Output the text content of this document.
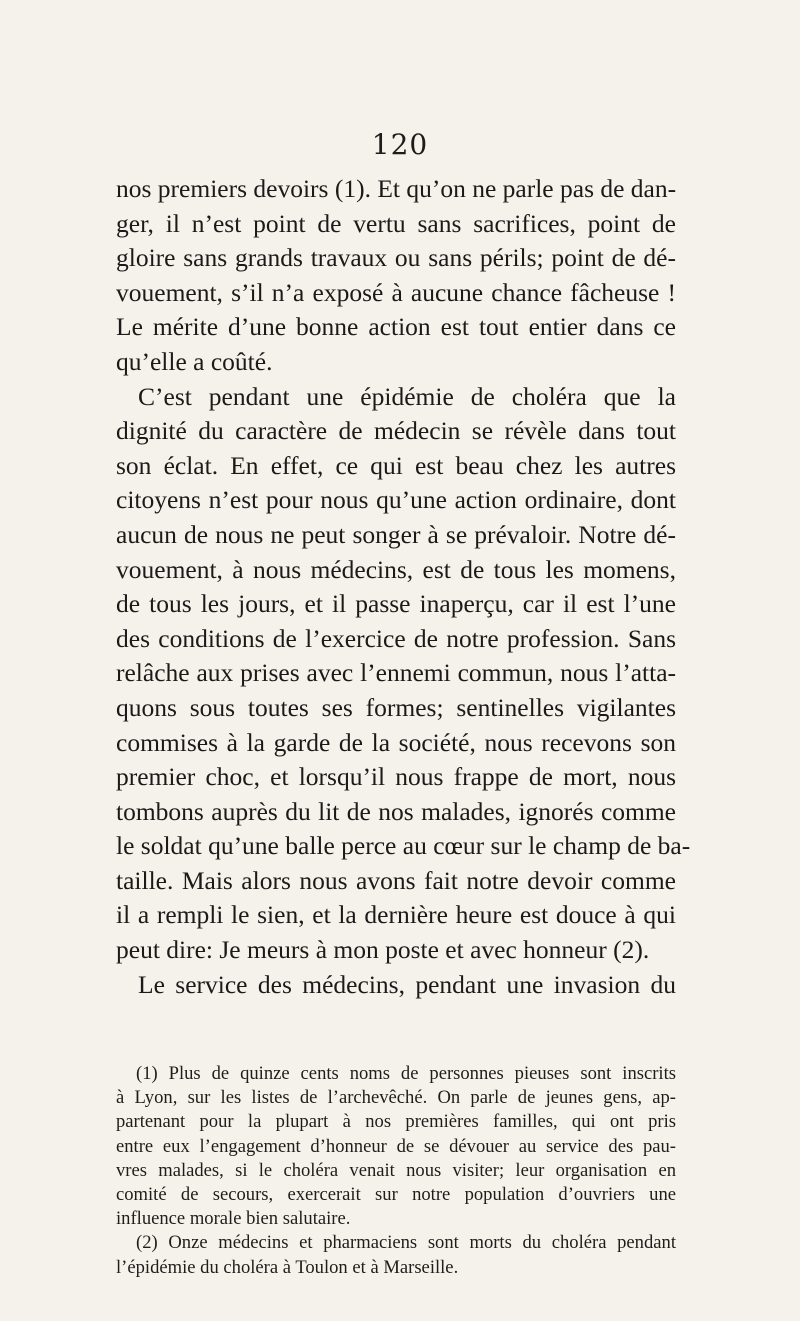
120
nos premiers devoirs (1). Et qu’on ne parle pas de dan-
ger, il n’est point de vertu sans sacrifices, point de
gloire sans grands travaux ou sans périls; point de dé-
vouement, s’il n’a exposé à aucune chance fâcheuse !
Le mérite d’une bonne action est tout entier dans ce
qu’elle a coûté.
C’est pendant une épidémie de choléra que la
dignité du caractère de médecin se révèle dans tout
son éclat. En effet, ce qui est beau chez les autres
citoyens n’est pour nous qu’une action ordinaire, dont
aucun de nous ne peut songer à se prévaloir. Notre dé-
vouement, à nous médecins, est de tous les momens,
de tous les jours, et il passe inaperçu, car il est l’une
des conditions de l’exercice de notre profession. Sans
relâche aux prises avec l’ennemi commun, nous l’atta-
quons sous toutes ses formes; sentinelles vigilantes
commises à la garde de la société, nous recevons son
premier choc, et lorsqu’il nous frappe de mort, nous
tombons auprès du lit de nos malades, ignorés comme
le soldat qu’une balle perce au cœur sur le champ de ba-
taille. Mais alors nous avons fait notre devoir comme
il a rempli le sien, et la dernière heure est douce à qui
peut dire: Je meurs à mon poste et avec honneur (2).
Le service des médecins, pendant une invasion du
(1) Plus de quinze cents noms de personnes pieuses sont inscrits
à Lyon, sur les listes de l’archevêché. On parle de jeunes gens, ap-
partenant pour la plupart à nos premières familles, qui ont pris
entre eux l’engagement d’honneur de se dévouer au service des pau-
vres malades, si le choléra venait nous visiter; leur organisation en
comité de secours, exercerait sur notre population d’ouvriers une
influence morale bien salutaire.
(2) Onze médecins et pharmaciens sont morts du choléra pendant
l’épidémie du choléra à Toulon et à Marseille.
